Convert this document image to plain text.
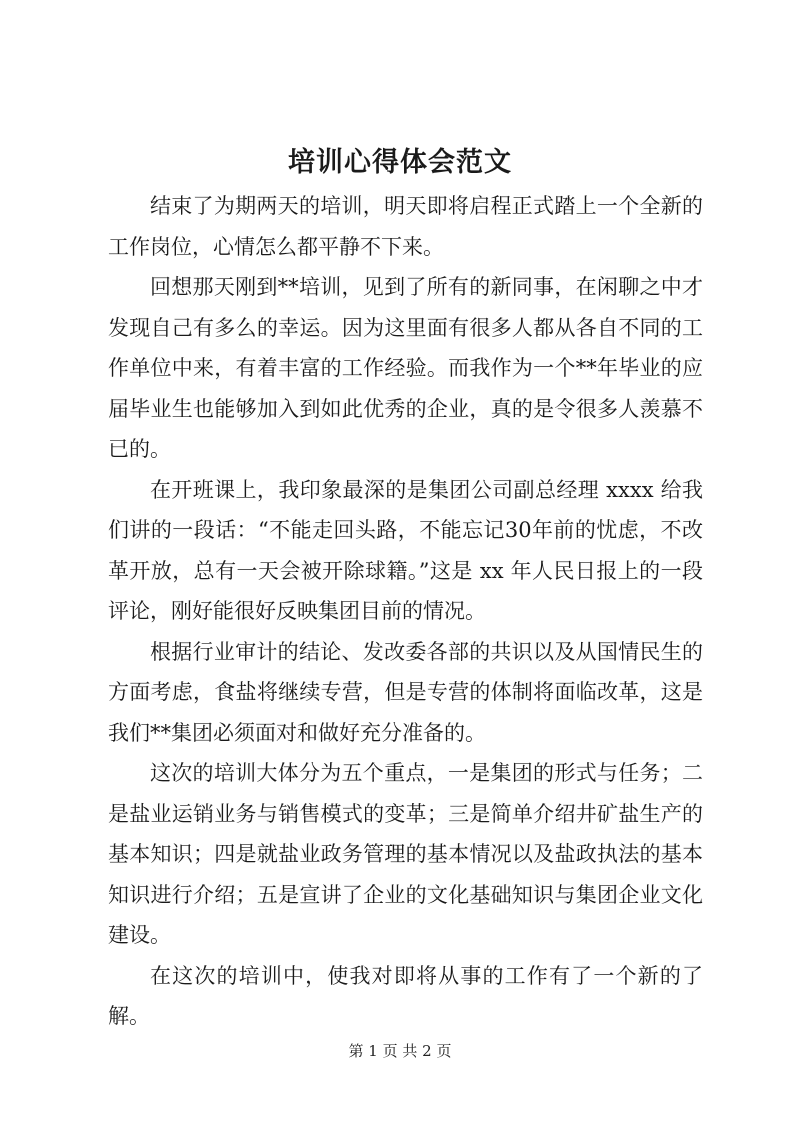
培训心得体会范文

结束了为期两天的培训，明天即将启程正式踏上一个全新的工作岗位，心情怎么都平静不下来。

回想那天刚到**培训，见到了所有的新同事，在闲聊之中才发现自己有多么的幸运。因为这里面有很多人都从各自不同的工作单位中来，有着丰富的工作经验。而我作为一个**年毕业的应届毕业生也能够加入到如此优秀的企业，真的是令很多人羡慕不已的。

在开班课上，我印象最深的是集团公司副总经理 xxxx 给我们讲的一段话：“不能走回头路，不能忘记30年前的忧虑，不改革开放，总有一天会被开除球籍。”这是 xx 年人民日报上的一段评论，刚好能很好反映集团目前的情况。

根据行业审计的结论、发改委各部的共识以及从国情民生的方面考虑，食盐将继续专营，但是专营的体制将面临改革，这是我们**集团必须面对和做好充分准备的。

这次的培训大体分为五个重点，一是集团的形式与任务；二是盐业运销业务与销售模式的变革；三是简单介绍井矿盐生产的基本知识；四是就盐业政务管理的基本情况以及盐政执法的基本知识进行介绍；五是宣讲了企业的文化基础知识与集团企业文化建设。

在这次的培训中，使我对即将从事的工作有了一个新的了解。

第 1 页 共 2 页
